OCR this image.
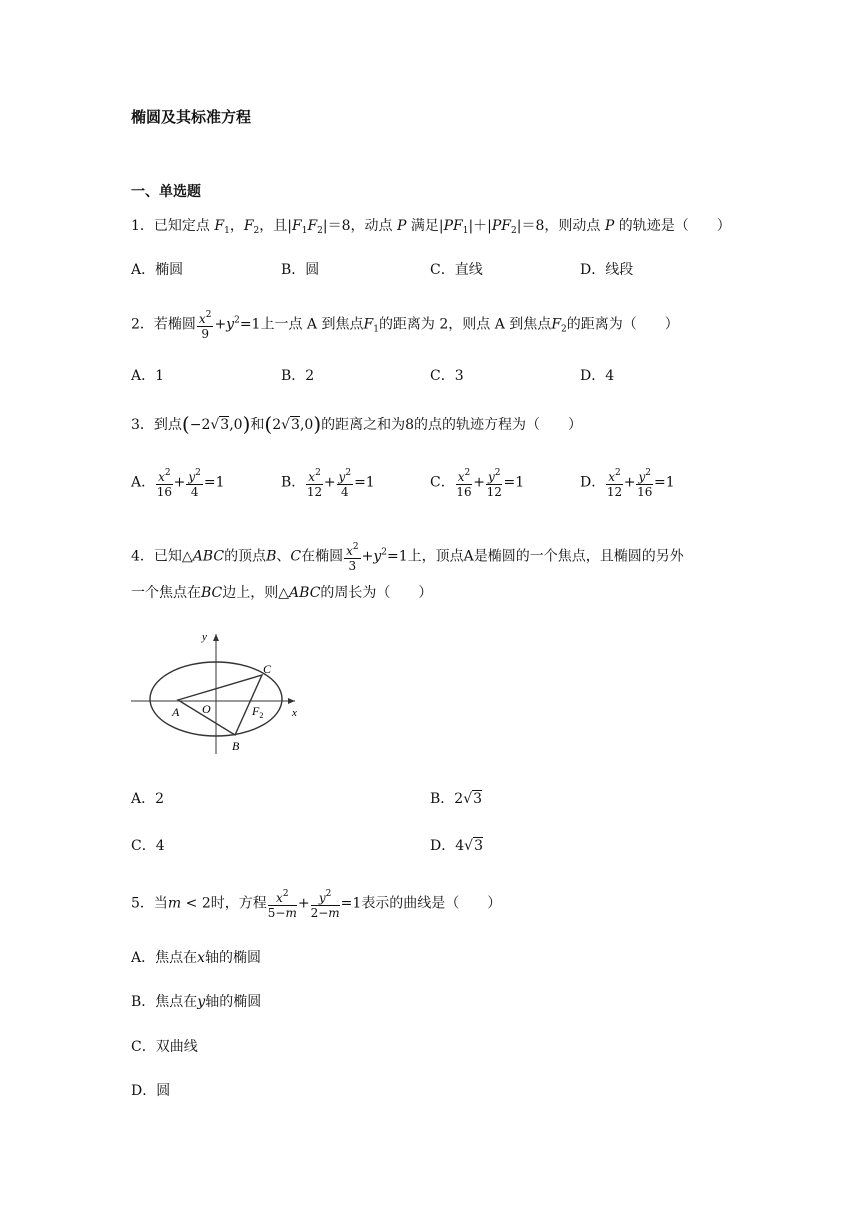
椭圆及其标准方程
一、单选题
1．已知定点 $F_1$，$F_2$，且$|F_1F_2|=8$，动点 P 满足$|PF_1|+|PF_2|=8$，则动点 P 的轨迹是（　　）
A．椭圆	B．圆	C．直线	D．线段
2．若椭圆 $\frac{x^2}{9} +y^2=1$上一点 A 到焦点$F_1$的距离为 2，则点 A 到焦点$F_2$的距离为（　　）
A．1	B．2	C．3	D．4
3．到点(−2√3,0)和(2√3,0)的距离之和为8的点的轨迹方程为（　　）
A． $\frac{x^2}{16} + \frac{y^2}{4} =1$	B． $\frac{x^2}{12} + \frac{y^2}{4} =1$	C． $\frac{x^2}{16} + \frac{y^2}{12} =1$	D． $\frac{x^2}{12} + \frac{y^2}{16} =1$
4．已知△ABC的顶点B、C在椭圆 $\frac{x^2}{3} +y^2=1$上，顶点A是椭圆的一个焦点，且椭圆的另外
一个焦点在BC边上，则△ABC的周长为（　　）
y
x
A O
C
$F_2$
B
A．2	B．2√3
C．4	D．4√3
5．当m < 2时，方程 $\frac{x^2}{5-m} + \frac{y^2}{2-m} =1$表示的曲线是（　　）
A．焦点在x轴的椭圆
B．焦点在y轴的椭圆
C．双曲线
D．圆
